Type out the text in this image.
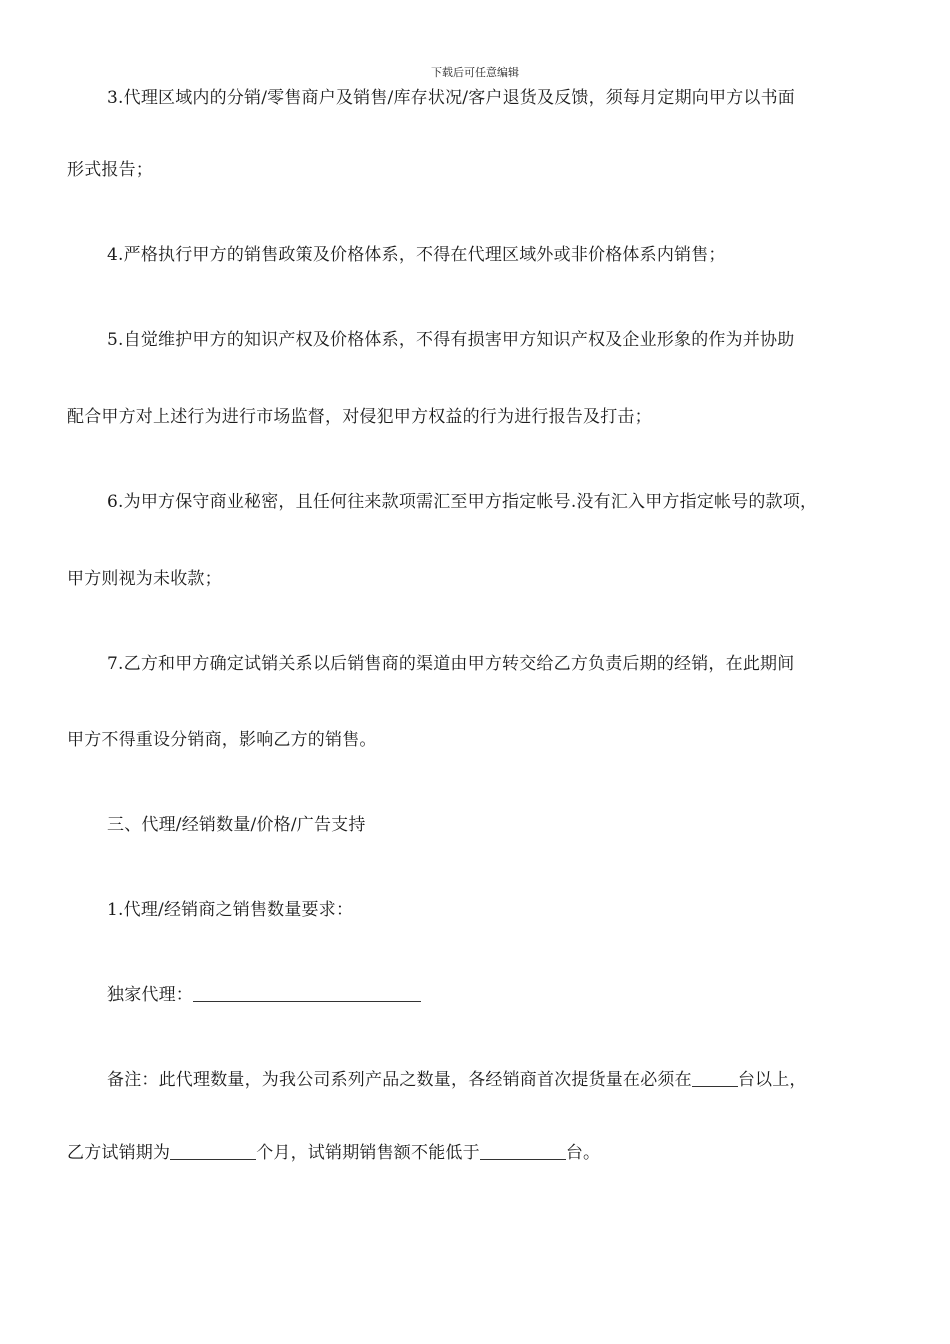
下载后可任意编辑
3.代理区域内的分销/零售商户及销售/库存状况/客户退货及反馈，须每月定期向甲方以书面
形式报告；
4.严格执行甲方的销售政策及价格体系，不得在代理区域外或非价格体系内销售；
5.自觉维护甲方的知识产权及价格体系，不得有损害甲方知识产权及企业形象的作为并协助
配合甲方对上述行为进行市场监督，对侵犯甲方权益的行为进行报告及打击；
6.为甲方保守商业秘密，且任何往来款项需汇至甲方指定帐号.没有汇入甲方指定帐号的款项，
甲方则视为未收款；
7.乙方和甲方确定试销关系以后销售商的渠道由甲方转交给乙方负责后期的经销，在此期间
甲方不得重设分销商，影响乙方的销售。
三、代理/经销数量/价格/广告支持
1.代理/经销商之销售数量要求：
独家代理：
备注：此代理数量，为我公司系列产品之数量，各经销商首次提货量在必须在	台以上，
乙方试销期为	个月，试销期销售额不能低于	台。
